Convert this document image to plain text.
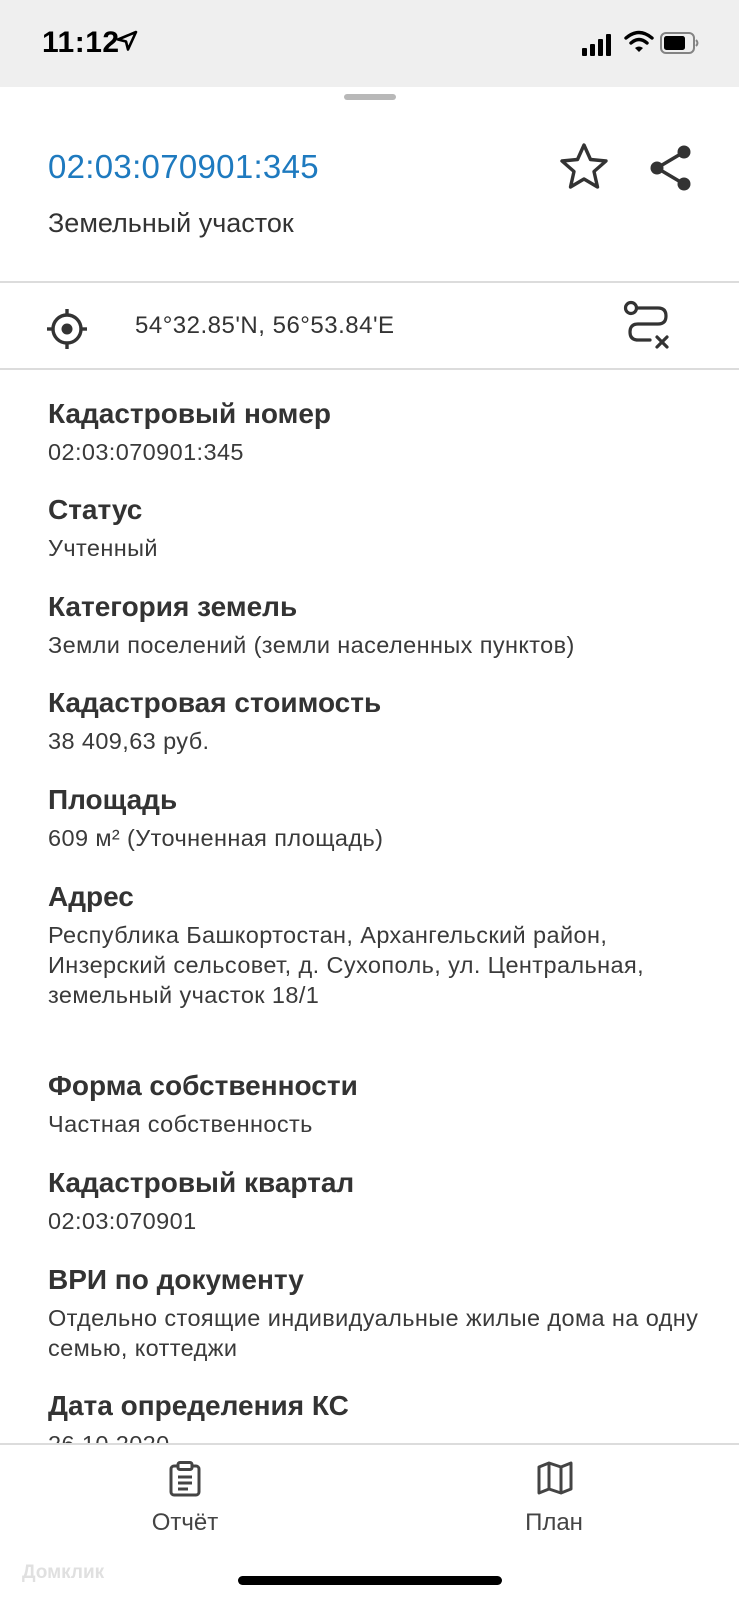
11:12
02:03:070901:345
Земельный участок
54°32.85'N, 56°53.84'E
Кадастровый номер
02:03:070901:345
Статус
Учтенный
Категория земель
Земли поселений (земли населенных пунктов)
Кадастровая стоимость
38 409,63 руб.
Площадь
609 м² (Уточненная площадь)
Адрес
Республика Башкортостан, Архангельский район, Инзерский сельсовет, д. Сухополь, ул. Центральная, земельный участок 18/1
Форма собственности
Частная собственность
Кадастровый квартал
02:03:070901
ВРИ по документу
Отдельно стоящие индивидуальные жилые дома на одну семью, коттеджи
Дата определения КС
Отчёт	План
Домклик
